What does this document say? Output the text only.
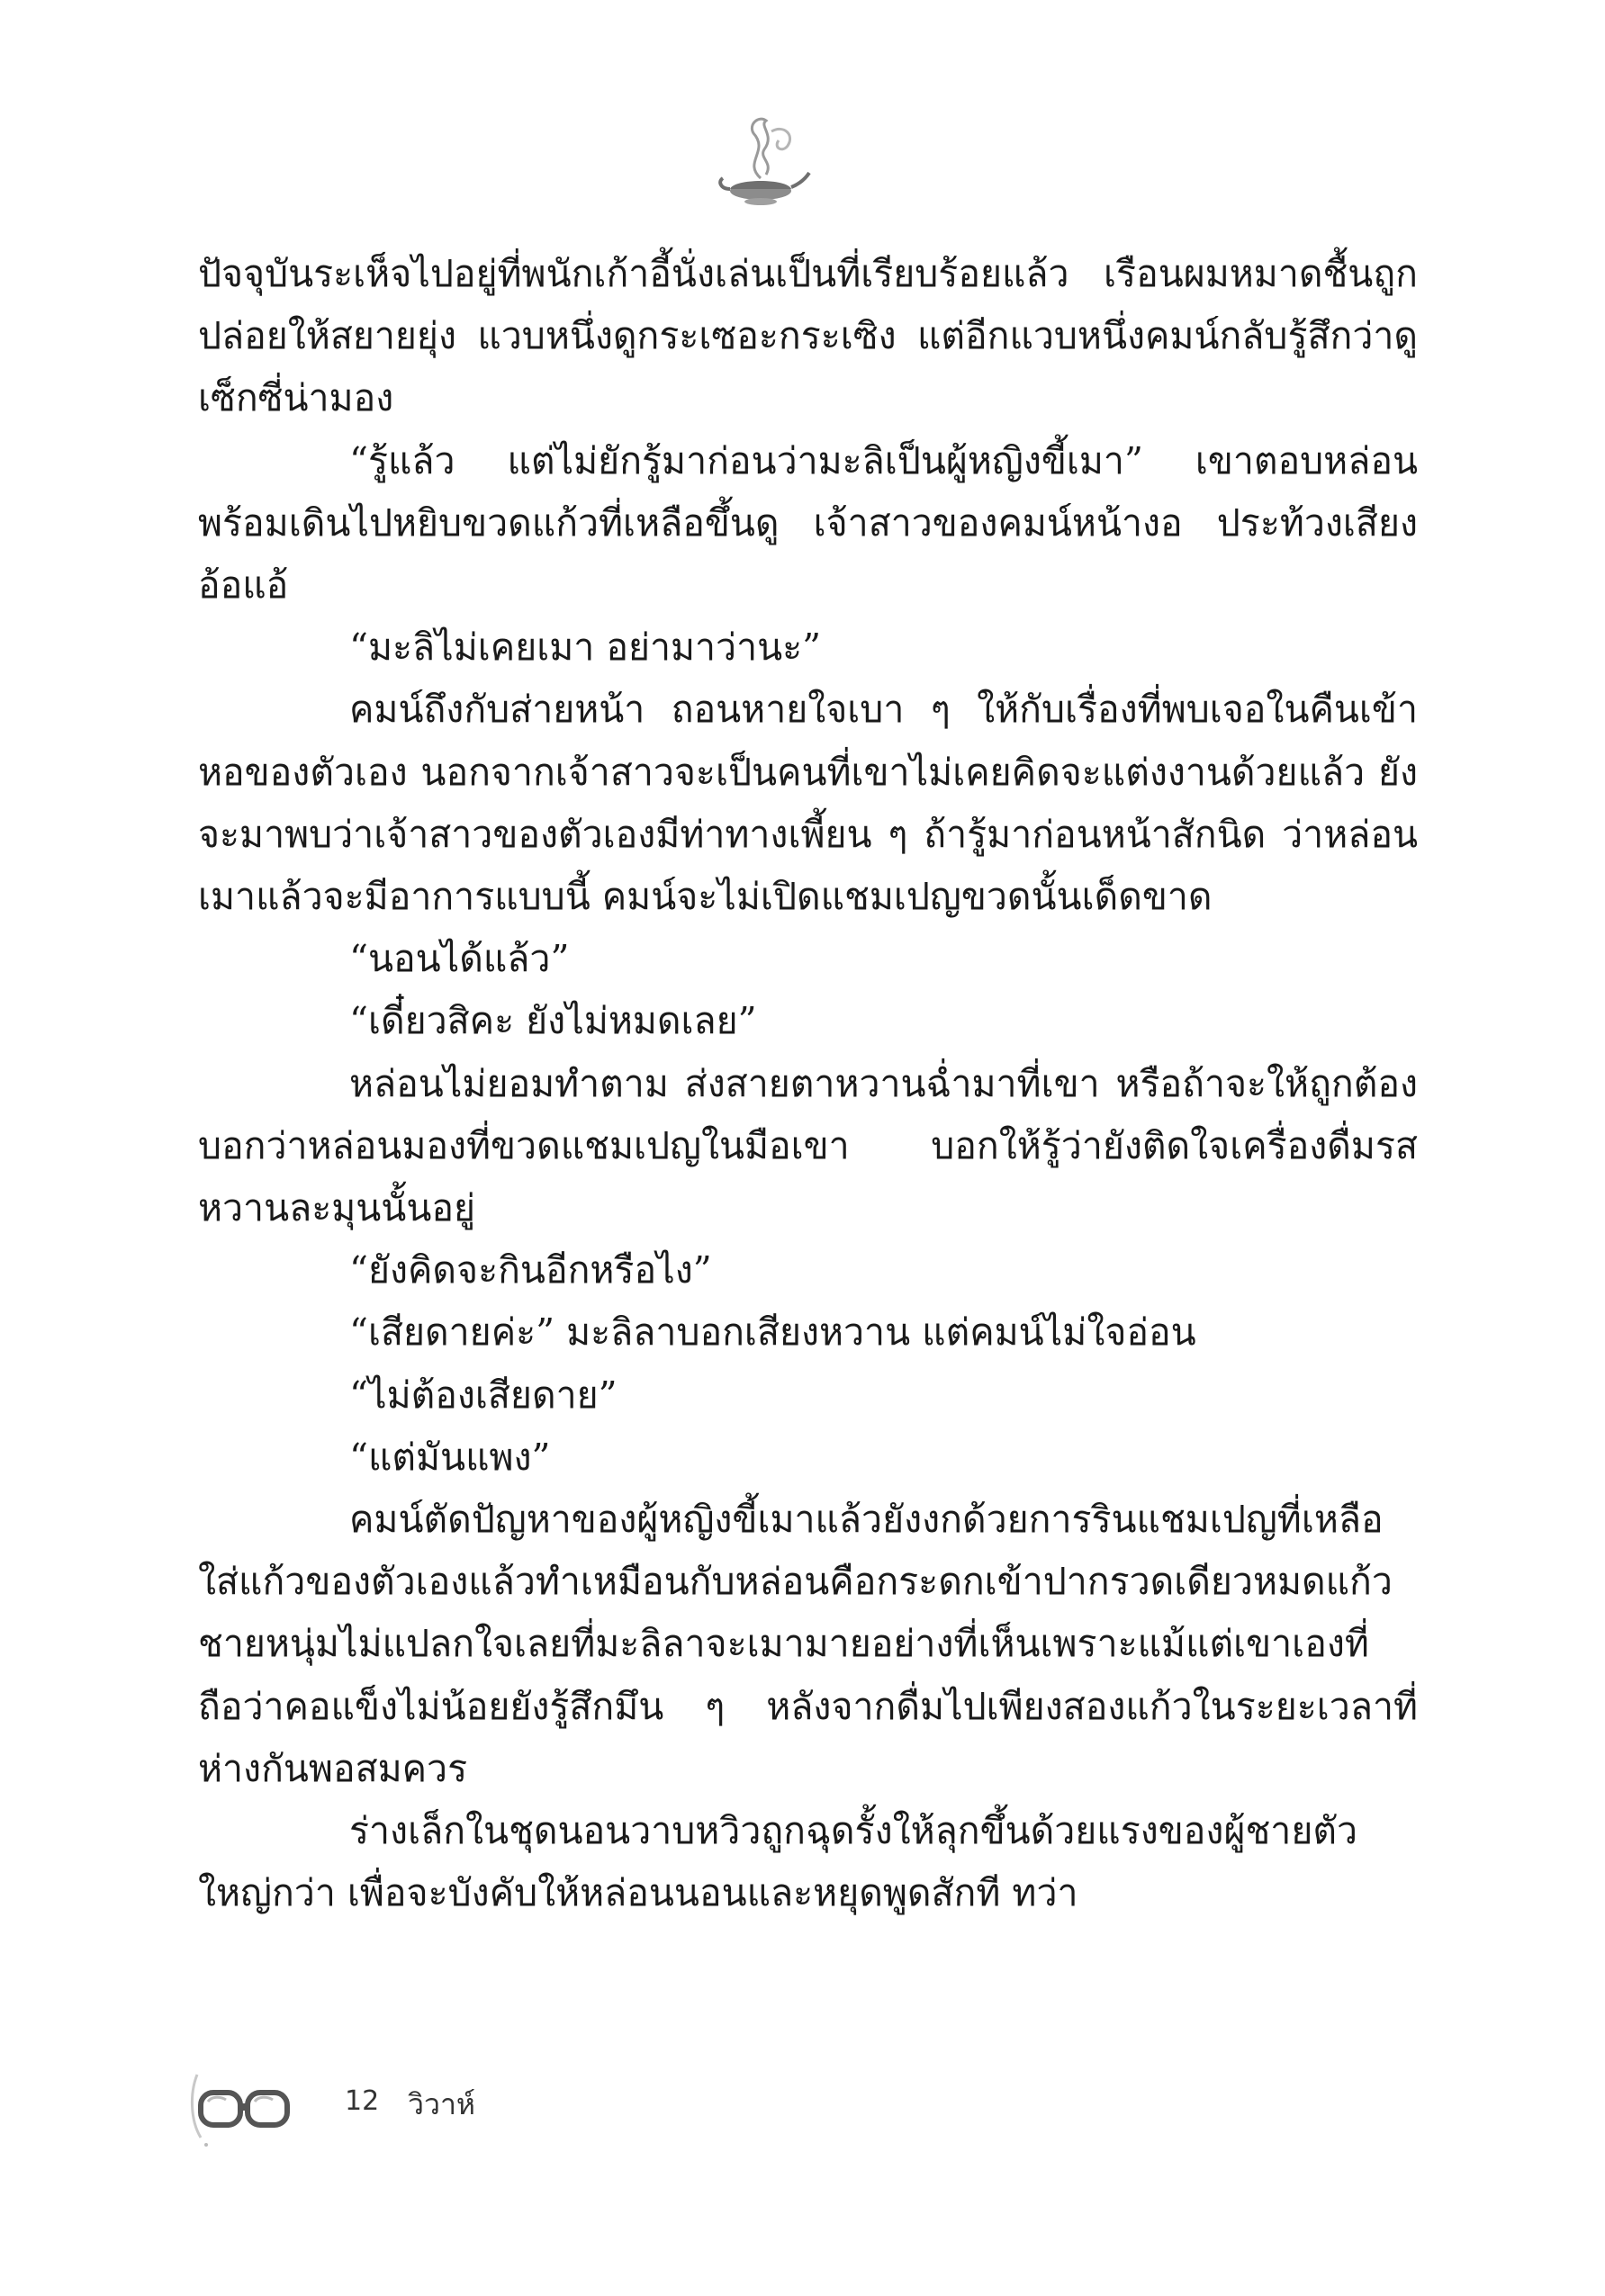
ปัจจุบันระเห็จไปอยู่ที่พนักเก้าอี้นั่งเล่นเป็นที่เรียบร้อยแล้ว เรือนผมหมาดชื้นถูกปล่อยให้สยายยุ่ง แวบหนึ่งดูกระเซอะกระเซิง แต่อีกแวบหนึ่งคมน์กลับรู้สึกว่าดูเซ็กซี่น่ามอง

“รู้แล้ว แต่ไม่ยักรู้มาก่อนว่ามะลิเป็นผู้หญิงขี้เมา” เขาตอบหล่อนพร้อมเดินไปหยิบขวดแก้วที่เหลือขึ้นดู เจ้าสาวของคมน์หน้างอ ประท้วงเสียงอ้อแอ้

“มะลิไม่เคยเมา อย่ามาว่านะ”

คมน์ถึงกับส่ายหน้า ถอนหายใจเบา ๆ ให้กับเรื่องที่พบเจอในคืนเข้าหอของตัวเอง นอกจากเจ้าสาวจะเป็นคนที่เขาไม่เคยคิดจะแต่งงานด้วยแล้ว ยังจะมาพบว่าเจ้าสาวของตัวเองมีท่าทางเพี้ยน ๆ ถ้ารู้มาก่อนหน้าสักนิด ว่าหล่อนเมาแล้วจะมีอาการแบบนี้ คมน์จะไม่เปิดแชมเปญขวดนั้นเด็ดขาด

“นอนได้แล้ว”

“เดี๋ยวสิคะ ยังไม่หมดเลย”

หล่อนไม่ยอมทำตาม ส่งสายตาหวานฉ่ำมาที่เขา หรือถ้าจะให้ถูกต้องบอกว่าหล่อนมองที่ขวดแชมเปญในมือเขา บอกให้รู้ว่ายังติดใจเครื่องดื่มรสหวานละมุนนั้นอยู่

“ยังคิดจะกินอีกหรือไง”

“เสียดายค่ะ” มะลิลาบอกเสียงหวาน แต่คมน์ไม่ใจอ่อน

“ไม่ต้องเสียดาย”

“แต่มันแพง”

คมน์ตัดปัญหาของผู้หญิงขี้เมาแล้วยังงกด้วยการรินแชมเปญที่เหลือใส่แก้วของตัวเองแล้วทำเหมือนกับหล่อนคือกระดกเข้าปากรวดเดียวหมดแก้ว ชายหนุ่มไม่แปลกใจเลยที่มะลิลาจะเมามายอย่างที่เห็นเพราะแม้แต่เขาเองที่ถือว่าคอแข็งไม่น้อยยังรู้สึกมึน ๆ หลังจากดื่มไปเพียงสองแก้วในระยะเวลาที่ห่างกันพอสมควร

ร่างเล็กในชุดนอนวาบหวิวถูกฉุดรั้งให้ลุกขึ้นด้วยแรงของผู้ชายตัวใหญ่กว่า เพื่อจะบังคับให้หล่อนนอนและหยุดพูดสักที ทว่า

12 วิวาห์
